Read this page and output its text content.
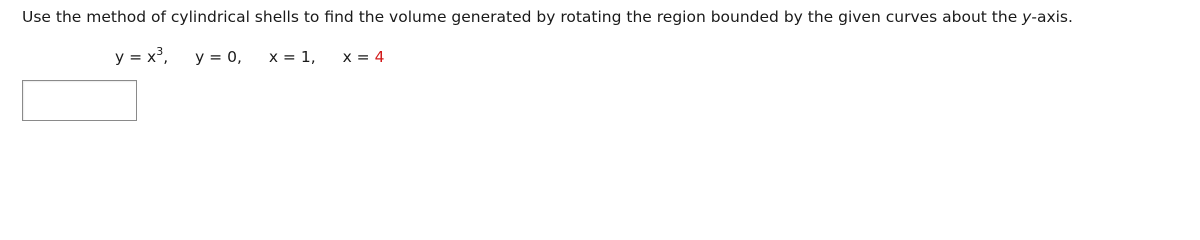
Use the method of cylindrical shells to find the volume generated by rotating the region bounded by the given curves about the y-axis.
$y = x^3$, y = 0, x = 1, x = 4
